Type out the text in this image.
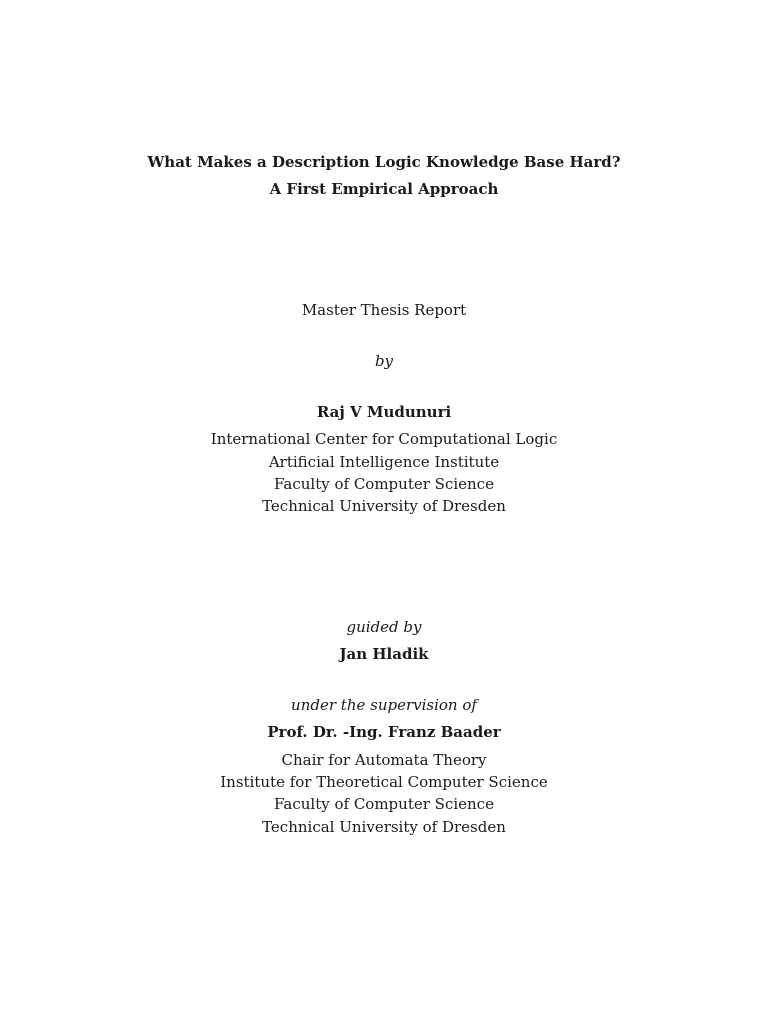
What Makes a Description Logic Knowledge Base Hard?
A First Empirical Approach
Master Thesis Report
by
Raj V Mudunuri
International Center for Computational Logic
Artificial Intelligence Institute
Faculty of Computer Science
Technical University of Dresden
guided by
Jan Hladik
under the supervision of
Prof. Dr. -Ing. Franz Baader
Chair for Automata Theory
Institute for Theoretical Computer Science
Faculty of Computer Science
Technical University of Dresden
